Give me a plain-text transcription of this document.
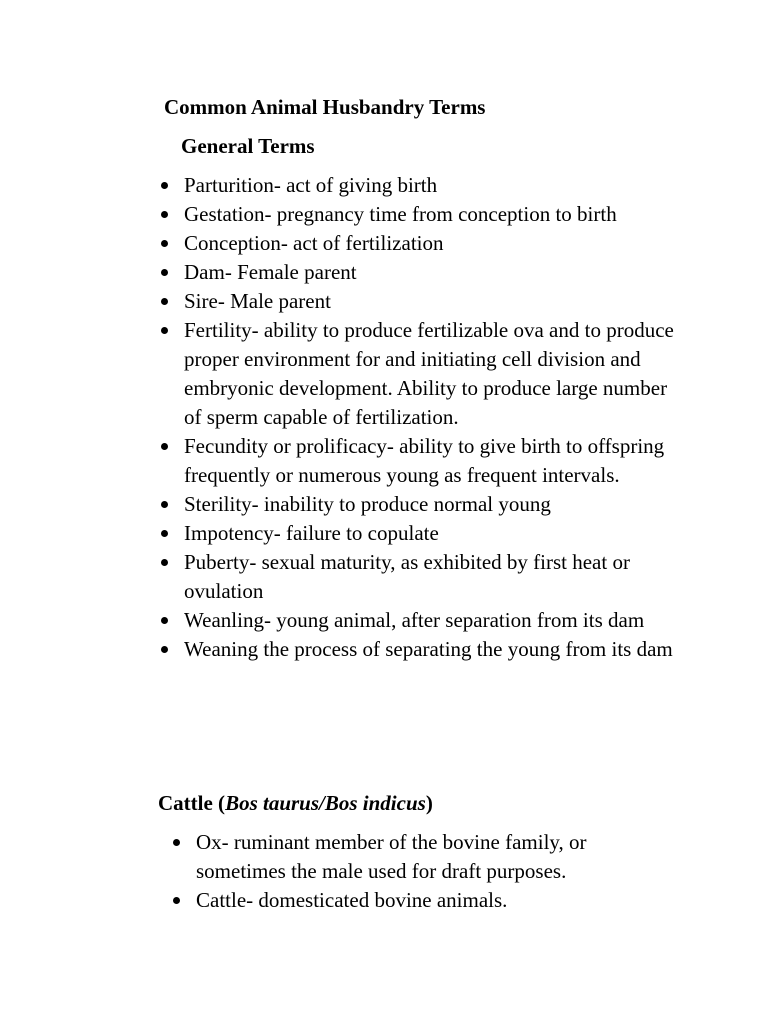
Common Animal Husbandry Terms
General Terms
Parturition- act of giving birth
Gestation- pregnancy time from conception to birth
Conception- act of fertilization
Dam- Female parent
Sire- Male parent
Fertility- ability to produce fertilizable ova and to produce proper environment for and initiating cell division and embryonic development. Ability to produce large number of sperm capable of fertilization.
Fecundity or prolificacy- ability to give birth to offspring frequently or numerous young as frequent intervals.
Sterility- inability to produce normal young
Impotency- failure to copulate
Puberty- sexual maturity, as exhibited by first heat or ovulation
Weanling- young animal, after separation from its dam
Weaning the process of separating the young from its dam
Cattle (Bos taurus/Bos indicus)
Ox- ruminant member of the bovine family, or sometimes the male used for draft purposes.
Cattle- domesticated bovine animals.
